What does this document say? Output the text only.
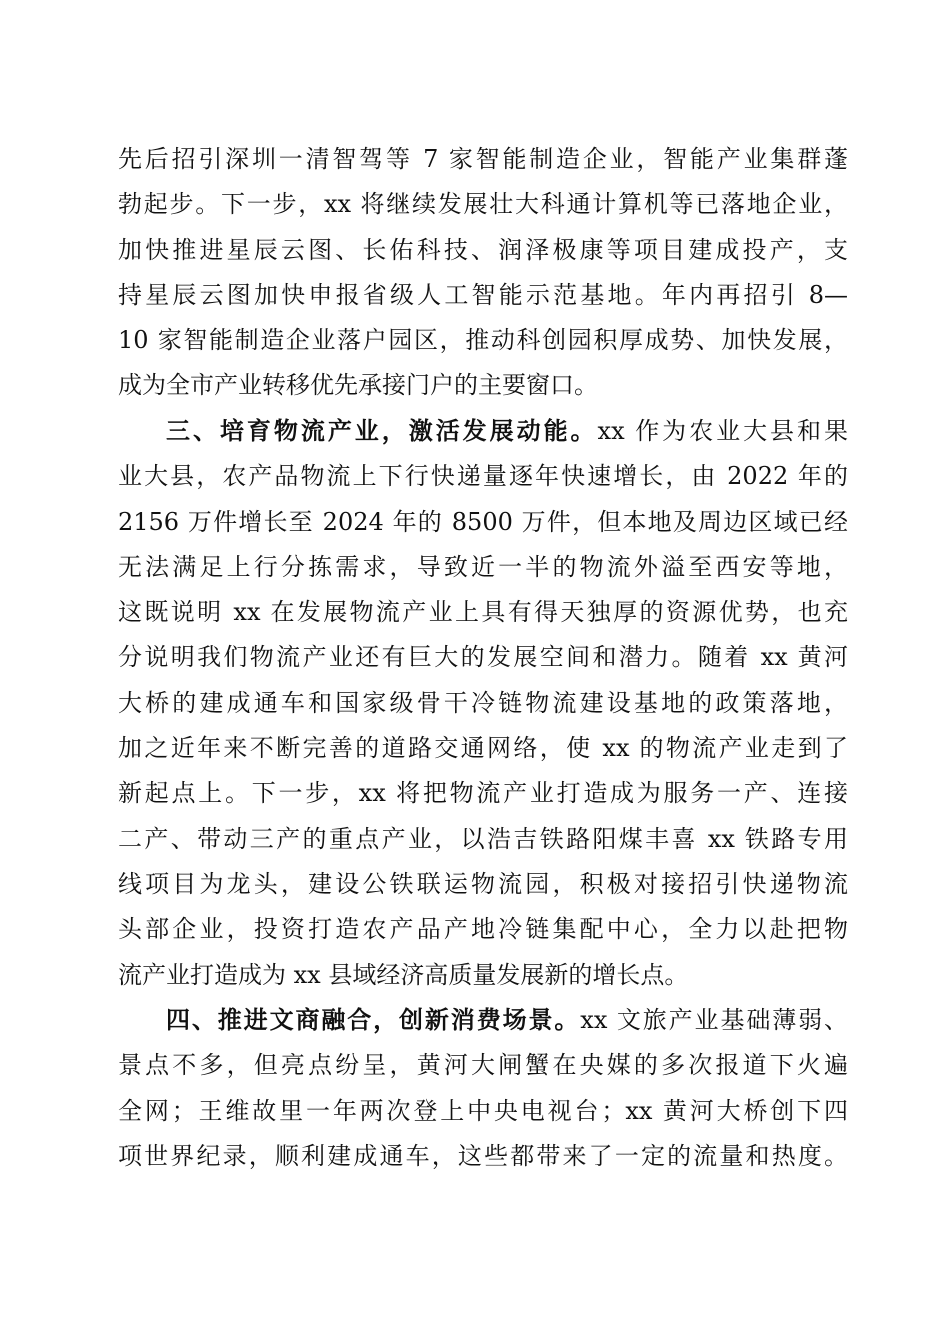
先后招引深圳一清智驾等 7 家智能制造企业，智能产业集群蓬
勃起步。下一步，xx 将继续发展壮大科通计算机等已落地企业，
加快推进星辰云图、长佑科技、润泽极康等项目建成投产，支
持星辰云图加快申报省级人工智能示范基地。年内再招引 8—
10 家智能制造企业落户园区，推动科创园积厚成势、加快发展，
成为全市产业转移优先承接门户的主要窗口。
三、培育物流产业，激活发展动能。xx 作为农业大县和果
业大县，农产品物流上下行快递量逐年快速增长，由 2022 年的
2156 万件增长至 2024 年的 8500 万件，但本地及周边区域已经
无法满足上行分拣需求，导致近一半的物流外溢至西安等地，
这既说明 xx 在发展物流产业上具有得天独厚的资源优势，也充
分说明我们物流产业还有巨大的发展空间和潜力。随着 xx 黄河
大桥的建成通车和国家级骨干冷链物流建设基地的政策落地，
加之近年来不断完善的道路交通网络，使 xx 的物流产业走到了
新起点上。下一步，xx 将把物流产业打造成为服务一产、连接
二产、带动三产的重点产业，以浩吉铁路阳煤丰喜 xx 铁路专用
线项目为龙头，建设公铁联运物流园，积极对接招引快递物流
头部企业，投资打造农产品产地冷链集配中心，全力以赴把物
流产业打造成为 xx 县域经济高质量发展新的增长点。
四、推进文商融合，创新消费场景。xx 文旅产业基础薄弱、
景点不多，但亮点纷呈，黄河大闸蟹在央媒的多次报道下火遍
全网；王维故里一年两次登上中央电视台；xx 黄河大桥创下四
项世界纪录，顺利建成通车，这些都带来了一定的流量和热度。
